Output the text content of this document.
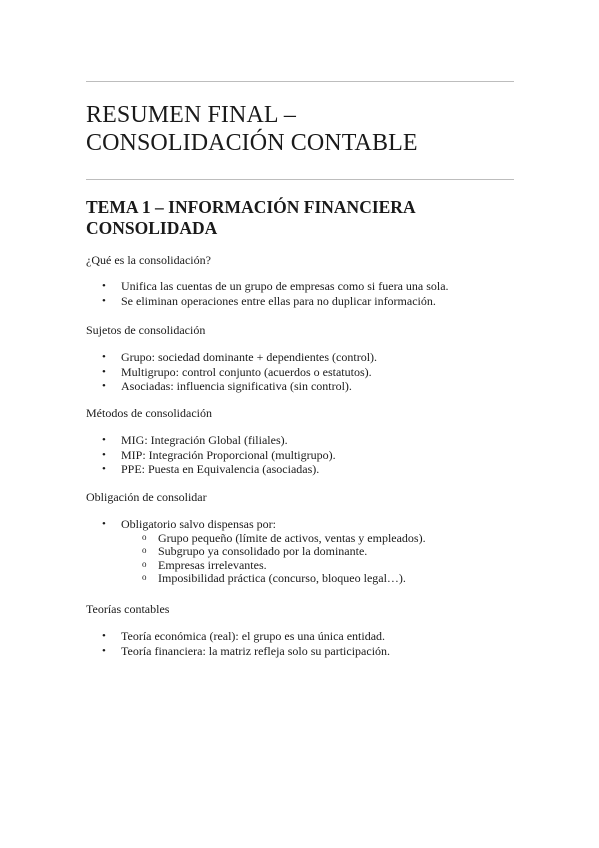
RESUMEN FINAL –
CONSOLIDACIÓN CONTABLE
TEMA 1 – INFORMACIÓN FINANCIERA
CONSOLIDADA

¿Qué es la consolidación?

• Unifica las cuentas de un grupo de empresas como si fuera una sola.
• Se eliminan operaciones entre ellas para no duplicar información.

Sujetos de consolidación

• Grupo: sociedad dominante + dependientes (control).
• Multigrupo: control conjunto (acuerdos o estatutos).
• Asociadas: influencia significativa (sin control).

Métodos de consolidación

• MIG: Integración Global (filiales).
• MIP: Integración Proporcional (multigrupo).
• PPE: Puesta en Equivalencia (asociadas).

Obligación de consolidar

• Obligatorio salvo dispensas por:
o Grupo pequeño (límite de activos, ventas y empleados).
o Subgrupo ya consolidado por la dominante.
o Empresas irrelevantes.
o Imposibilidad práctica (concurso, bloqueo legal…).

Teorías contables

• Teoría económica (real): el grupo es una única entidad.
• Teoría financiera: la matriz refleja solo su participación.
